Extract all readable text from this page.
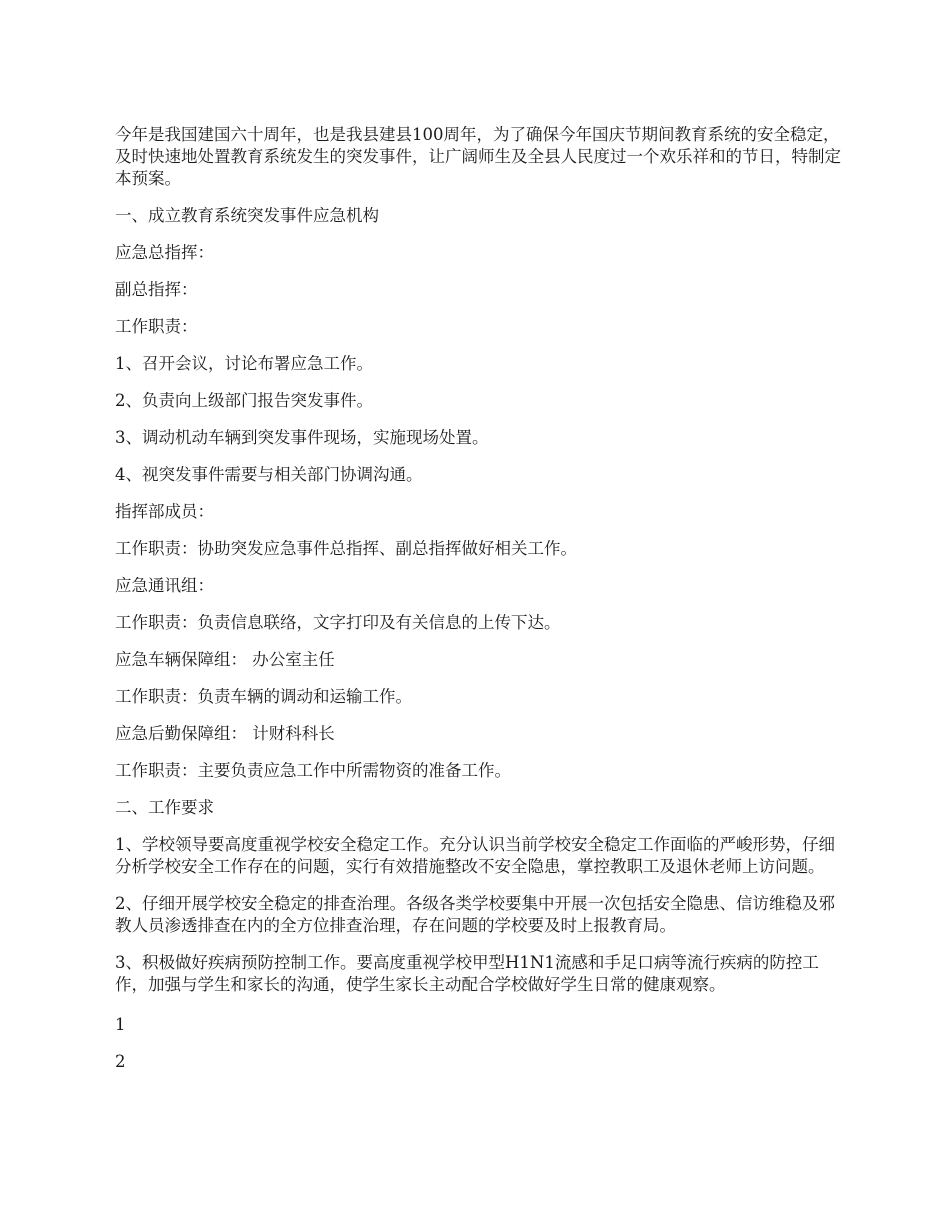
今年是我国建国六十周年，也是我县建县100周年，为了确保今年国庆节期间教育系统的安全稳定，及时快速地处置教育系统发生的突发事件，让广阔师生及全县人民度过一个欢乐祥和的节日，特制定本预案。

一、成立教育系统突发事件应急机构

应急总指挥：

副总指挥：

工作职责：

1、召开会议，讨论布署应急工作。

2、负责向上级部门报告突发事件。

3、调动机动车辆到突发事件现场，实施现场处置。

4、视突发事件需要与相关部门协调沟通。

指挥部成员：

工作职责：协助突发应急事件总指挥、副总指挥做好相关工作。

应急通讯组：

工作职责：负责信息联络，文字打印及有关信息的上传下达。

应急车辆保障组： 办公室主任

工作职责：负责车辆的调动和运输工作。

应急后勤保障组： 计财科科长

工作职责：主要负责应急工作中所需物资的准备工作。

二、工作要求

1、学校领导要高度重视学校安全稳定工作。充分认识当前学校安全稳定工作面临的严峻形势，仔细分析学校安全工作存在的问题，实行有效措施整改不安全隐患，掌控教职工及退休老师上访问题。

2、仔细开展学校安全稳定的排查治理。各级各类学校要集中开展一次包括安全隐患、信访维稳及邪教人员渗透排查在内的全方位排查治理，存在问题的学校要及时上报教育局。

3、积极做好疾病预防控制工作。要高度重视学校甲型H1N1流感和手足口病等流行疾病的防控工作，加强与学生和家长的沟通，使学生家长主动配合学校做好学生日常的健康观察。

1

2
